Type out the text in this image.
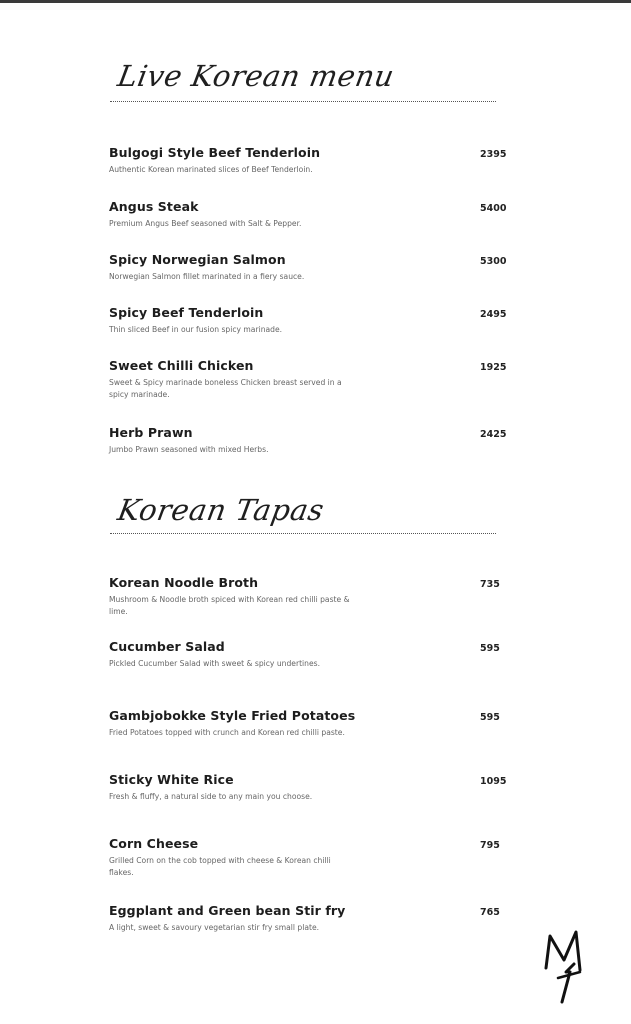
Live Korean menu
Bulgogi Style Beef Tenderloin
Authentic Korean marinated slices of Beef Tenderloin.
2395
Angus Steak
Premium Angus Beef seasoned with Salt & Pepper.
5400
Spicy Norwegian Salmon
Norwegian Salmon fillet marinated in a fiery sauce.
5300
Spicy Beef Tenderloin
Thin sliced Beef in our fusion spicy marinade.
2495
Sweet Chilli Chicken
Sweet & Spicy marinade boneless Chicken breast served in a spicy marinade.
1925
Herb Prawn
Jumbo Prawn seasoned with mixed Herbs.
2425
Korean Tapas
Korean Noodle Broth
Mushroom & Noodle broth spiced with Korean red chilli paste & lime.
735
Cucumber Salad
Pickled Cucumber Salad with sweet & spicy undertines.
595
Gambjobokke Style Fried Potatoes
Fried Potatoes topped with crunch and Korean red chilli paste.
595
Sticky White Rice
Fresh & fluffy, a natural side to any main you choose.
1095
Corn Cheese
Grilled Corn on the cob topped with cheese & Korean chilli flakes.
795
Eggplant and Green bean Stir fry
A light, sweet & savoury vegetarian stir fry small plate.
765
